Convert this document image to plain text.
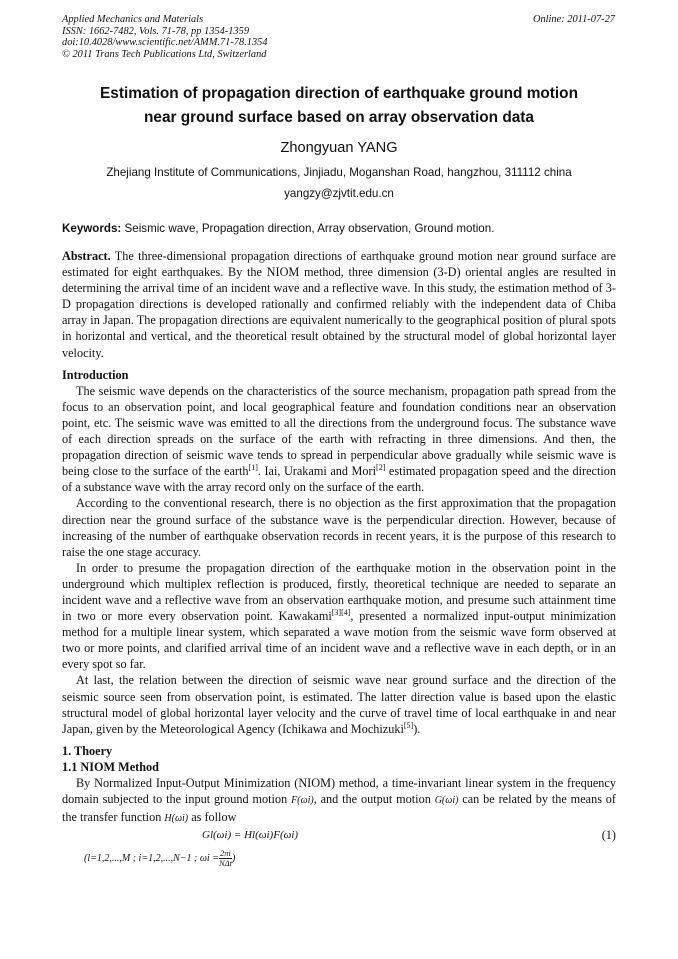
Applied Mechanics and Materials
ISSN: 1662-7482, Vols. 71-78, pp 1354-1359
doi:10.4028/www.scientific.net/AMM.71-78.1354
© 2011 Trans Tech Publications Ltd, Switzerland
Online: 2011-07-27
Estimation of propagation direction of earthquake ground motion
near ground surface based on array observation data
Zhongyuan YANG
Zhejiang Institute of Communications, Jinjiadu, Moganshan Road, hangzhou, 311112 china
yangzy@zjvtit.edu.cn
Keywords: Seismic wave, Propagation direction, Array observation, Ground motion.

Abstract. The three-dimensional propagation directions of earthquake ground motion near ground surface are estimated for eight earthquakes. By the NIOM method, three dimension (3-D) oriental angles are resulted in determining the arrival time of an incident wave and a reflective wave. In this study, the estimation method of 3-D propagation directions is developed rationally and confirmed reliably with the independent data of Chiba array in Japan. The propagation directions are equivalent numerically to the geographical position of plural spots in horizontal and vertical, and the theoretical result obtained by the structural model of global horizontal layer velocity.

Introduction

The seismic wave depends on the characteristics of the source mechanism, propagation path spread from the focus to an observation point, and local geographical feature and foundation conditions near an observation point, etc. The seismic wave was emitted to all the directions from the underground focus. The substance wave of each direction spreads on the surface of the earth with refracting in three dimensions. And then, the propagation direction of seismic wave tends to spread in perpendicular above gradually while seismic wave is being close to the surface of the earth[1]. Iai, Urakami and Mori[2] estimated propagation speed and the direction of a substance wave with the array record only on the surface of the earth.

According to the conventional research, there is no objection as the first approximation that the propagation direction near the ground surface of the substance wave is the perpendicular direction. However, because of increasing of the number of earthquake observation records in recent years, it is the purpose of this research to raise the one stage accuracy.

In order to presume the propagation direction of the earthquake motion in the observation point in the underground which multiplex reflection is produced, firstly, theoretical technique are needed to separate an incident wave and a reflective wave from an observation earthquake motion, and presume such attainment time in two or more every observation point. Kawakami[3][4], presented a normalized input-output minimization method for a multiple linear system, which separated a wave motion from the seismic wave form observed at two or more points, and clarified arrival time of an incident wave and a reflective wave in each depth, or in an every spot so far.

At last, the relation between the direction of seismic wave near ground surface and the direction of the seismic source seen from observation point, is estimated. The latter direction value is based upon the elastic structural model of global horizontal layer velocity and the curve of travel time of local earthquake in and near Japan, given by the Meteorological Agency (Ichikawa and Mochizuki[5]).

1. Thoery

1.1 NIOM Method

By Normalized Input-Output Minimization (NIOM) method, a time-invariant linear system in the frequency domain subjected to the input ground motion F(ωi), and the output motion G(ωi) can be related by the means of the transfer function H(ωi) as follow

Gl(ωi) = Hl(ωi)F(ωi)	(1)
(l=1,2,...,M ; i=1,2,...,N−1 ; $\omega i = \frac{2\pi i}{\text{NΔt}}$ )
